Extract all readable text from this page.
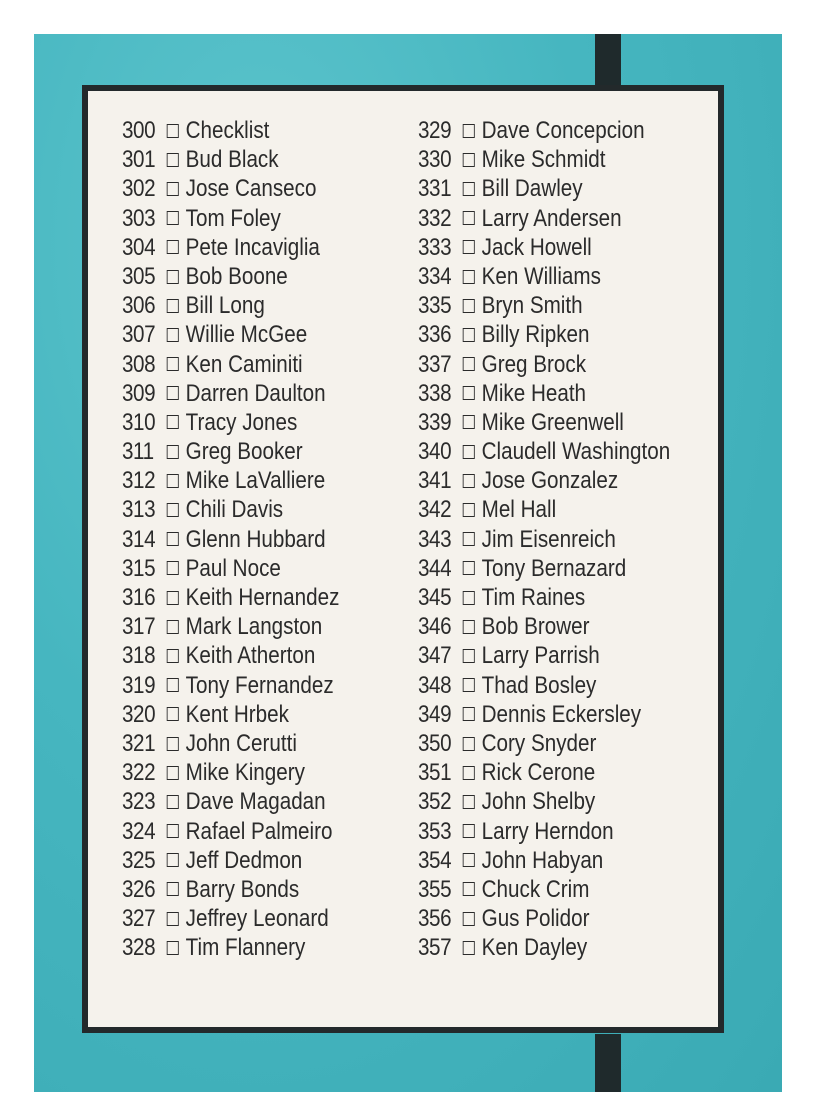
300 Checklist
301 Bud Black
302 Jose Canseco
303 Tom Foley
304 Pete Incaviglia
305 Bob Boone
306 Bill Long
307 Willie McGee
308 Ken Caminiti
309 Darren Daulton
310 Tracy Jones
311	Greg Booker
312 Mike LaValliere
313 Chili Davis
314 Glenn Hubbard
315 Paul Noce
316 Keith Hernandez
317 Mark Langston
318 Keith Atherton
319 Tony Fernandez
320 Kent Hrbek
321 John Cerutti
322 Mike Kingery
323 Dave Magadan
324 Rafael Palmeiro
325 Jeff Dedmon
326 Barry Bonds
327 Jeffrey Leonard
328 Tim Flannery
329 Dave Concepcion
330 Mike Schmidt
331 Bill Dawley
332 Larry Andersen
333 Jack Howell
334 Ken Williams
335 Bryn Smith
336 Billy Ripken
337 Greg Brock
338 Mike Heath
339 Mike Greenwell
340 Claudell Washington
341 Jose Gonzalez
342 Mel Hall
343 Jim Eisenreich
344 Tony Bernazard
345 Tim Raines
346 Bob Brower
347 Larry Parrish
348 Thad Bosley
349 Dennis Eckersley
350 Cory Snyder
351 Rick Cerone
352 John Shelby
353 Larry Herndon
354 John Habyan
355 Chuck Crim
356 Gus Polidor
357 Ken Dayley
